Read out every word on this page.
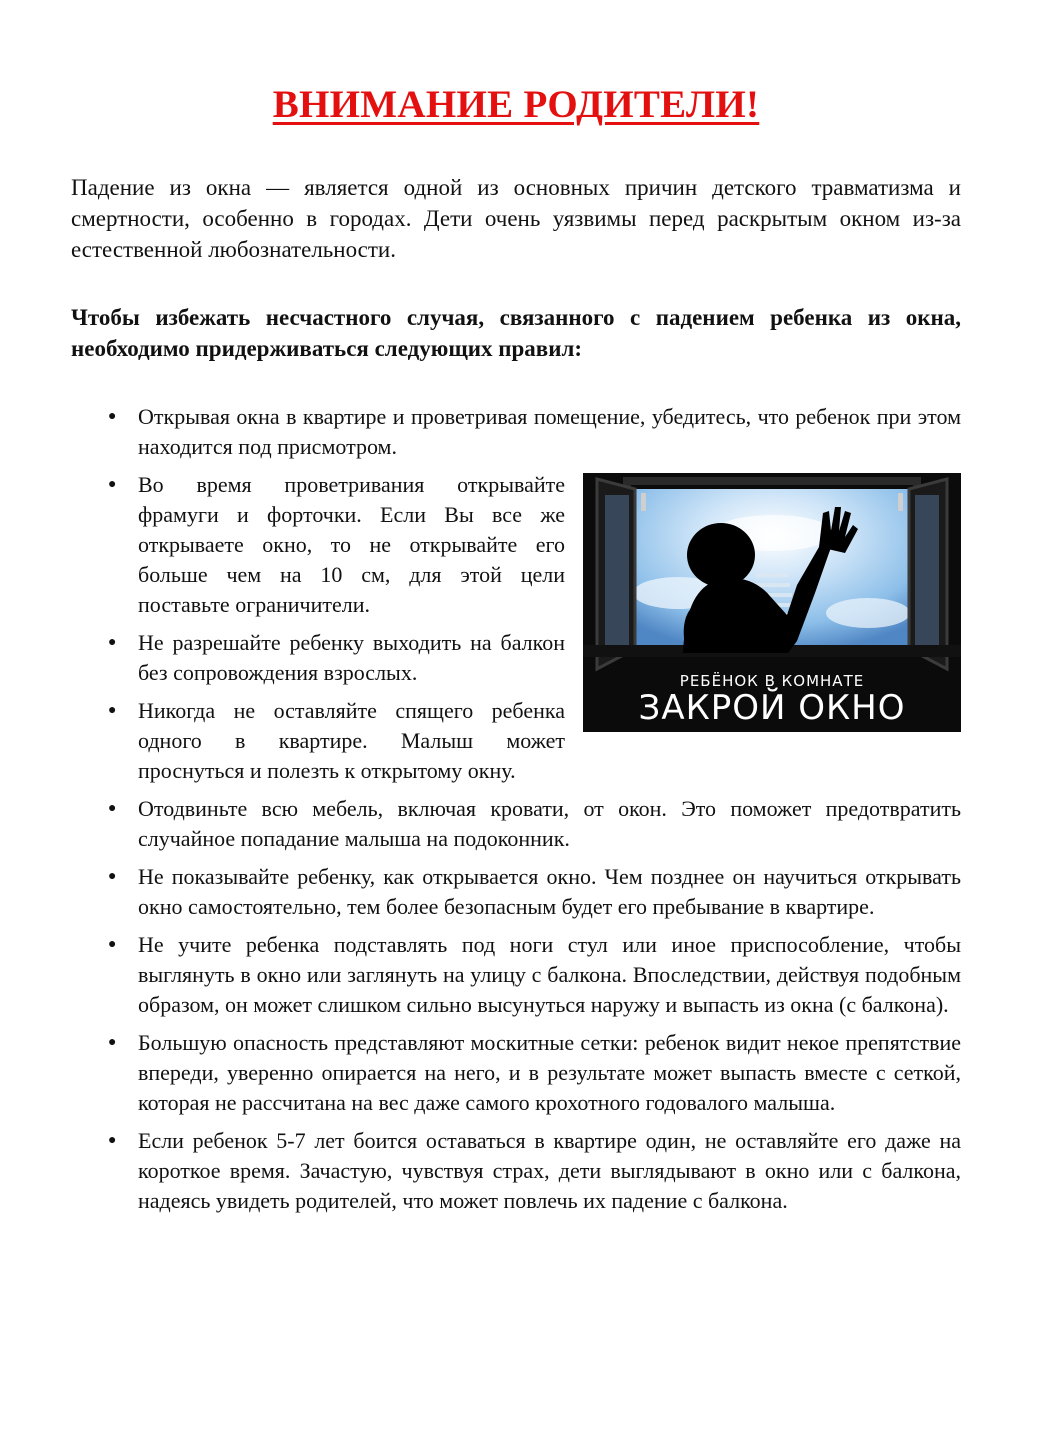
ВНИМАНИЕ РОДИТЕЛИ!

Падение из окна — является одной из основных причин детского травматизма и смертности, особенно в городах. Дети очень уязвимы перед раскрытым окном из-за естественной любознательности.

Чтобы избежать несчастного случая, связанного с падением ребенка из окна, необходимо придерживаться следующих правил:

● Открывая окна в квартире и проветривая помещение, убедитесь, что ребенок при этом находится под присмотром.
РЕБЁНОК В КОМНАТЕ
ЗАКРОЙ ОКНО
● Во время проветривания открывайте фрамуги и форточки. Если Вы все же открываете окно, то не открывайте его больше чем на 10 см, для этой цели поставьте ограничители.
● Не разрешайте ребенку выходить на балкон без сопровождения взрослых.
● Никогда не оставляйте спящего ребенка одного в квартире. Малыш может проснуться и полезть к открытому окну.
● Отодвиньте всю мебель, включая кровати, от окон. Это поможет предотвратить случайное попадание малыша на подоконник.
● Не показывайте ребенку, как открывается окно. Чем позднее он научиться открывать окно самостоятельно, тем более безопасным будет его пребывание в квартире.
● Не учите ребенка подставлять под ноги стул или иное приспособление, чтобы выглянуть в окно или заглянуть на улицу с балкона. Впоследствии, действуя подобным образом, он может слишком сильно высунуться наружу и выпасть из окна (с балкона).
● Большую опасность представляют москитные сетки: ребенок видит некое препятствие впереди, уверенно опирается на него, и в результате может выпасть вместе с сеткой, которая не рассчитана на вес даже самого крохотного годовалого малыша.
● Если ребенок 5-7 лет боится оставаться в квартире один, не оставляйте его даже на короткое время. Зачастую, чувствуя страх, дети выглядывают в окно или с балкона, надеясь увидеть родителей, что может повлечь их падение с балкона.
